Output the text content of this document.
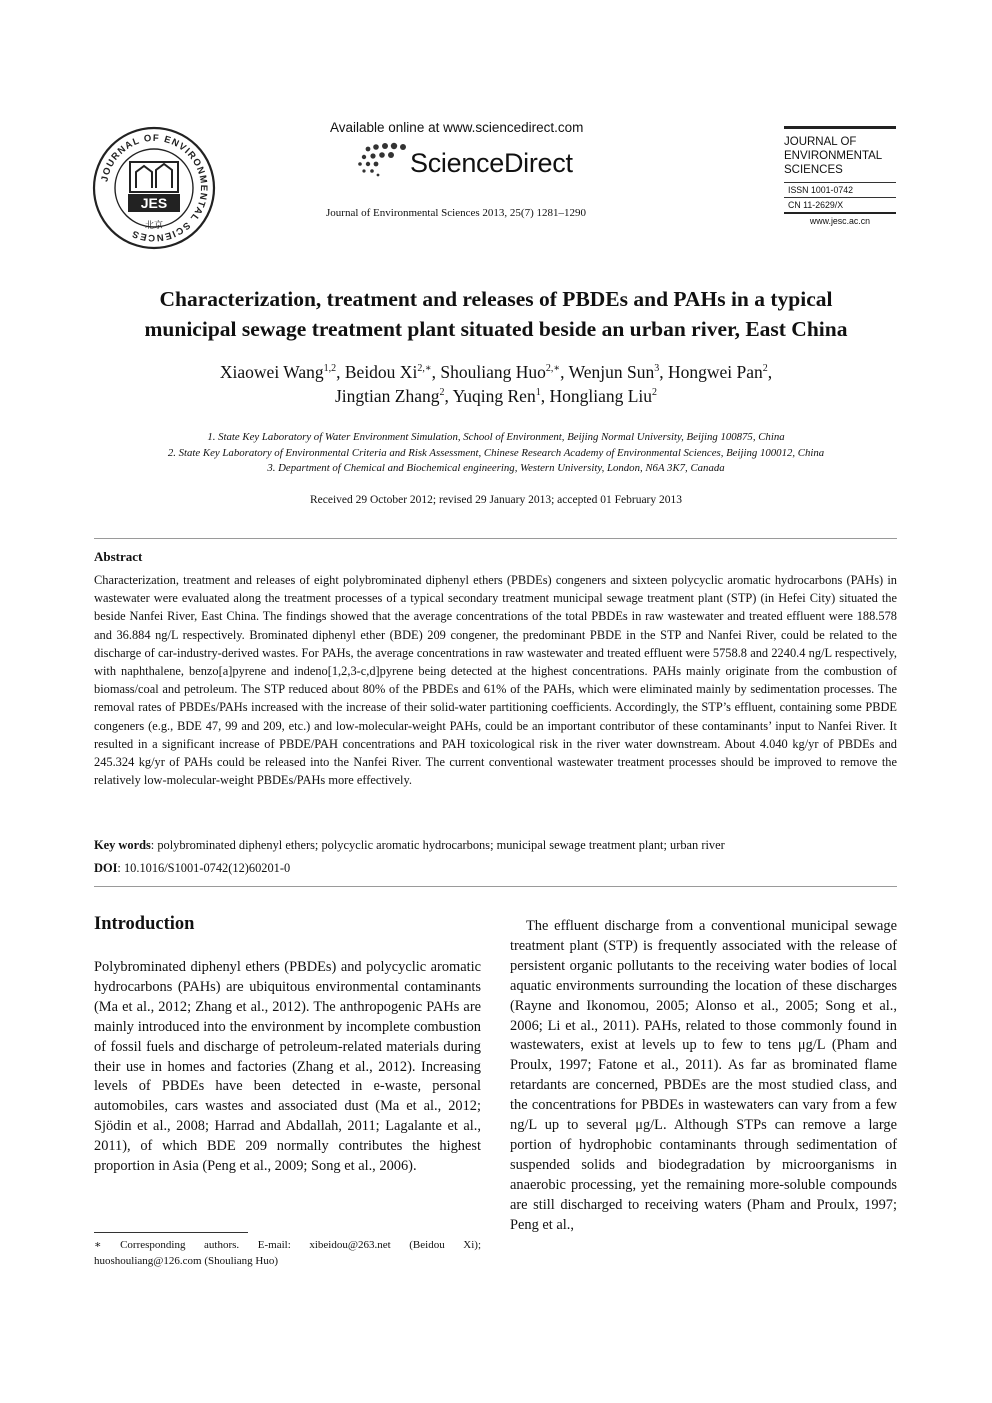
JOURNAL OF ENVIRONMENTAL SCIENCES
JES
北京
Available online at www.sciencedirect.com
ScienceDirect
Journal of Environmental Sciences 2013, 25(7) 1281–1290
JOURNAL OF
ENVIRONMENTAL
SCIENCES
ISSN 1001-0742
CN 11-2629/X
www.jesc.ac.cn
Characterization, treatment and releases of PBDEs and PAHs in a typical
municipal sewage treatment plant situated beside an urban river, East China
Xiaowei Wang$^{1,2}$, Beidou $Xi^{2,∗}$, Shouliang Huo$^{2,∗}$, Wenjun Sun$^3$, Hongwei Pan$^2$,
Jingtian Zhang$^2$, Yuqing Ren$^1$, Hongliang Liu$^2$
1. State Key Laboratory of Water Environment Simulation, School of Environment, Beijing Normal University, Beijing 100875, China
2. State Key Laboratory of Environmental Criteria and Risk Assessment, Chinese Research Academy of Environmental Sciences, Beijing 100012, China
3. Department of Chemical and Biochemical engineering, Western University, London, N6A 3K7, Canada
Received 29 October 2012; revised 29 January 2013; accepted 01 February 2013
Abstract
Characterization, treatment and releases of eight polybrominated diphenyl ethers (PBDEs) congeners and sixteen polycyclic aromatic hydrocarbons (PAHs) in wastewater were evaluated along the treatment processes of a typical secondary treatment municipal sewage treatment plant (STP) (in Hefei City) situated the beside Nanfei River, East China. The findings showed that the average concentrations of the total PBDEs in raw wastewater and treated effluent were 188.578 and 36.884 ng/L respectively. Brominated diphenyl ether (BDE) 209 congener, the predominant PBDE in the STP and Nanfei River, could be related to the discharge of car-industry-derived wastes. For PAHs, the average concentrations in raw wastewater and treated effluent were 5758.8 and 2240.4 ng/L respectively, with naphthalene, benzo[a]pyrene and indeno[1,2,3-c,d]pyrene being detected at the highest concentrations. PAHs mainly originate from the combustion of biomass/coal and petroleum. The STP reduced about 80% of the PBDEs and 61% of the PAHs, which were eliminated mainly by sedimentation processes. The removal rates of PBDEs/PAHs increased with the increase of their solid-water partitioning coefficients. Accordingly, the STP’s effluent, containing some PBDE congeners (e.g., BDE 47, 99 and 209, etc.) and low-molecular-weight PAHs, could be an important contributor of these contaminants’ input to Nanfei River. It resulted in a significant increase of PBDE/PAH concentrations and PAH toxicological risk in the river water downstream. About 4.040 kg/yr of PBDEs and 245.324 kg/yr of PAHs could be released into the Nanfei River. The current conventional wastewater treatment processes should be improved to remove the relatively low-molecular-weight PBDEs/PAHs more effectively.
Key words: polybrominated diphenyl ethers; polycyclic aromatic hydrocarbons; municipal sewage treatment plant; urban river
DOI: 10.1016/S1001-0742(12)60201-0
Introduction
Polybrominated diphenyl ethers (PBDEs) and polycyclic aromatic hydrocarbons (PAHs) are ubiquitous environmental contaminants (Ma et al., 2012; Zhang et al., 2012). The anthropogenic PAHs are mainly introduced into the environment by incomplete combustion of fossil fuels and discharge of petroleum-related materials during their use in homes and factories (Zhang et al., 2012). Increasing levels of PBDEs have been detected in e-waste, personal automobiles, cars wastes and associated dust (Ma et al., 2012; Sjödin et al., 2008; Harrad and Abdallah, 2011; Lagalante et al., 2011), of which BDE 209 normally contributes the highest proportion in Asia (Peng et al., 2009; Song et al., 2006).
The effluent discharge from a conventional municipal sewage treatment plant (STP) is frequently associated with the release of persistent organic pollutants to the receiving water bodies of local aquatic environments surrounding the location of these discharges (Rayne and Ikonomou, 2005; Alonso et al., 2005; Song et al., 2006; Li et al., 2011). PAHs, related to those commonly found in wastewaters, exist at levels up to few to tens μg/L (Pham and Proulx, 1997; Fatone et al., 2011). As far as brominated flame retardants are concerned, PBDEs are the most studied class, and the concentrations for PBDEs in wastewaters can vary from a few ng/L up to several μg/L. Although STPs can remove a large portion of hydrophobic contaminants through sedimentation of suspended solids and biodegradation by microorganisms in anaerobic processing, yet the remaining more-soluble compounds are still discharged to receiving waters (Pham and Proulx, 1997; Peng et al.,
∗ Corresponding authors. E-mail: xibeidou@263.net (Beidou Xi); huoshouliang@126.com (Shouliang Huo)
